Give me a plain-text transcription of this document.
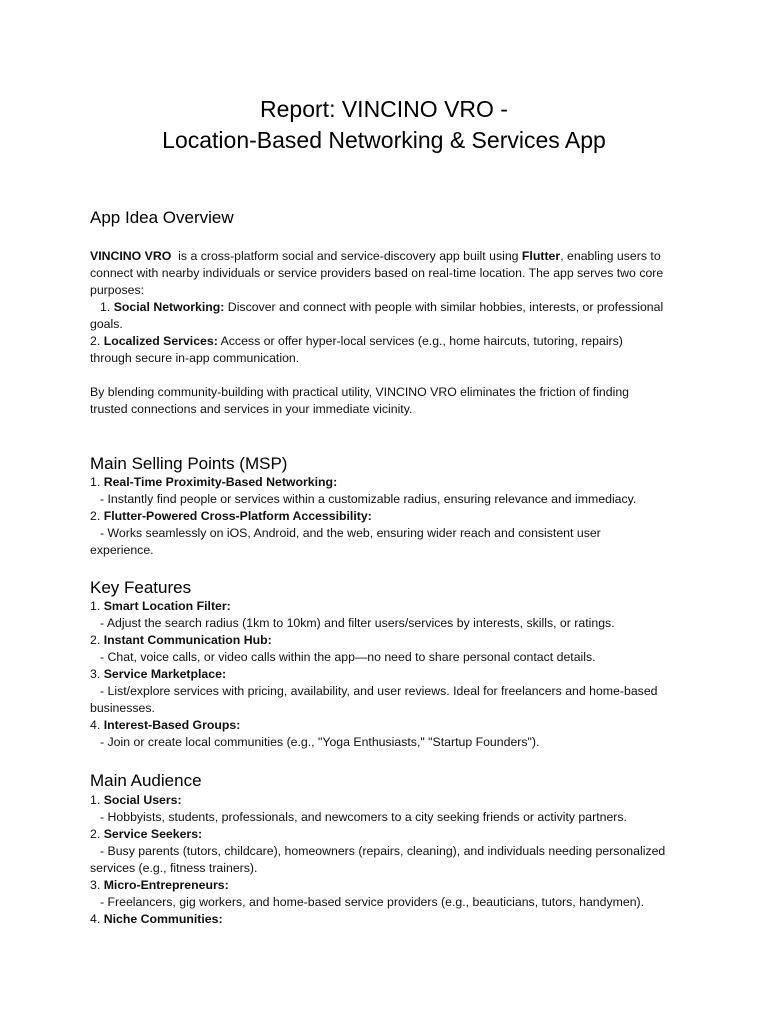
Report: VINCINO VRO -
Location-Based Networking & Services App
App Idea Overview
VINCINO VRO  is a cross-platform social and service-discovery app built using Flutter, enabling users to
connect with nearby individuals or service providers based on real-time location. The app serves two core
purposes:
1. Social Networking: Discover and connect with people with similar hobbies, interests, or professional
goals.
2. Localized Services: Access or offer hyper-local services (e.g., home haircuts, tutoring, repairs)
through secure in-app communication.
By blending community-building with practical utility, VINCINO VRO eliminates the friction of finding
trusted connections and services in your immediate vicinity.
Main Selling Points (MSP)
1. Real-Time Proximity-Based Networking:
- Instantly find people or services within a customizable radius, ensuring relevance and immediacy.
2. Flutter-Powered Cross-Platform Accessibility:
- Works seamlessly on iOS, Android, and the web, ensuring wider reach and consistent user
experience.
Key Features
1. Smart Location Filter:
- Adjust the search radius (1km to 10km) and filter users/services by interests, skills, or ratings.
2. Instant Communication Hub:
- Chat, voice calls, or video calls within the app—no need to share personal contact details.
3. Service Marketplace:
- List/explore services with pricing, availability, and user reviews. Ideal for freelancers and home-based
businesses.
4. Interest-Based Groups:
- Join or create local communities (e.g., "Yoga Enthusiasts," "Startup Founders").
Main Audience
1. Social Users:
- Hobbyists, students, professionals, and newcomers to a city seeking friends or activity partners.
2. Service Seekers:
- Busy parents (tutors, childcare), homeowners (repairs, cleaning), and individuals needing personalized
services (e.g., fitness trainers).
3. Micro-Entrepreneurs:
- Freelancers, gig workers, and home-based service providers (e.g., beauticians, tutors, handymen).
4. Niche Communities:
